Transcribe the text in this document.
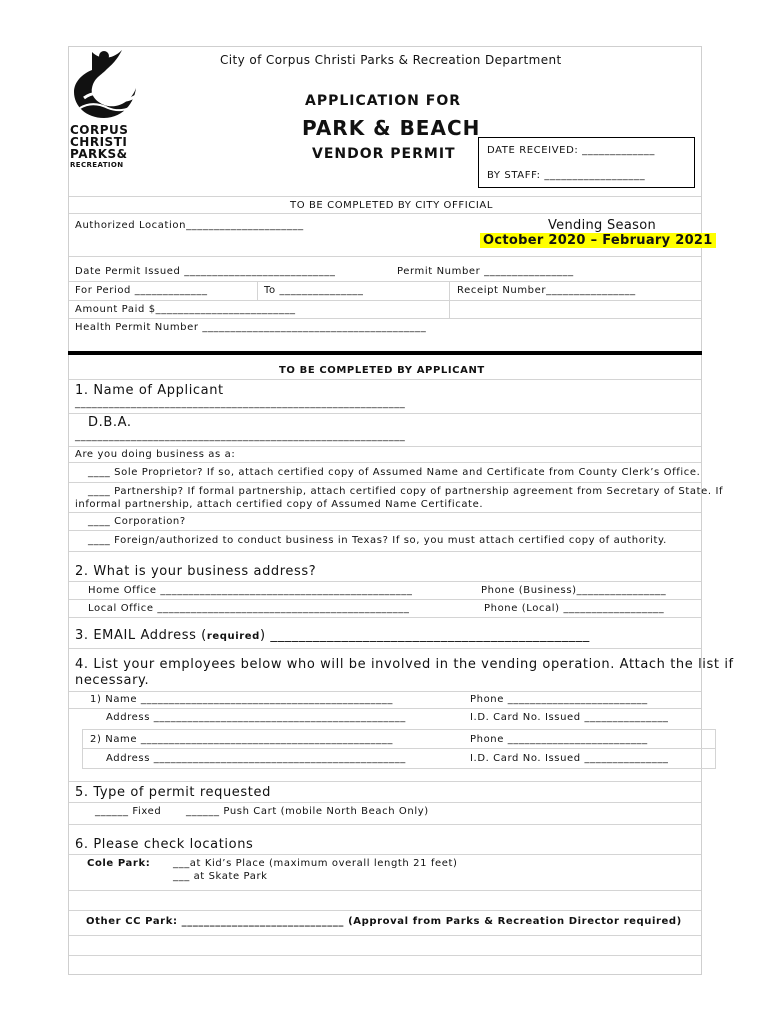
CORPUS
CHRISTI
PARKS&
RECREATION
City of Corpus Christi Parks & Recreation Department
APPLICATION FOR
PARK & BEACH
VENDOR PERMIT	DATE RECEIVED: _____________
BY STAFF: __________________
TO BE COMPLETED BY CITY OFFICIAL
Authorized Location_____________________	Vending Season
October 2020 – February 2021
Date Permit Issued ___________________________	Permit Number ________________
For Period _____________	To _______________	Receipt Number________________
Amount Paid $_________________________
Health Permit Number ________________________________________
TO BE COMPLETED BY APPLICANT
1. Name of Applicant
___________________________________________________________
D.B.A.
___________________________________________________________
Are you doing business as a:
____ Sole Proprietor? If so, attach certified copy of Assumed Name and Certificate from County Clerk’s Office.
____ Partnership? If formal partnership, attach certified copy of partnership agreement from Secretary of State. If
informal partnership, attach certified copy of Assumed Name Certificate.
____ Corporation?
____ Foreign/authorized to conduct business in Texas? If so, you must attach certified copy of authority.
2. What is your business address?
Home Office _____________________________________________	Phone (Business)________________
Local Office _____________________________________________	Phone (Local) __________________
3. EMAIL Address (required) _____________________________________________
4. List your employees below who will be involved in the vending operation. Attach the list if
necessary.
1) Name _____________________________________________	Phone _________________________
Address _____________________________________________	I.D. Card No. Issued _______________
2) Name _____________________________________________	Phone _________________________
Address _____________________________________________	I.D. Card No. Issued _______________
5. Type of permit requested
______ Fixed ______ Push Cart (mobile North Beach Only)
6. Please check locations
Cole Park: ___at Kid’s Place (maximum overall length 21 feet)
___ at Skate Park
Other CC Park: _____________________________ (Approval from Parks & Recreation Director required)
